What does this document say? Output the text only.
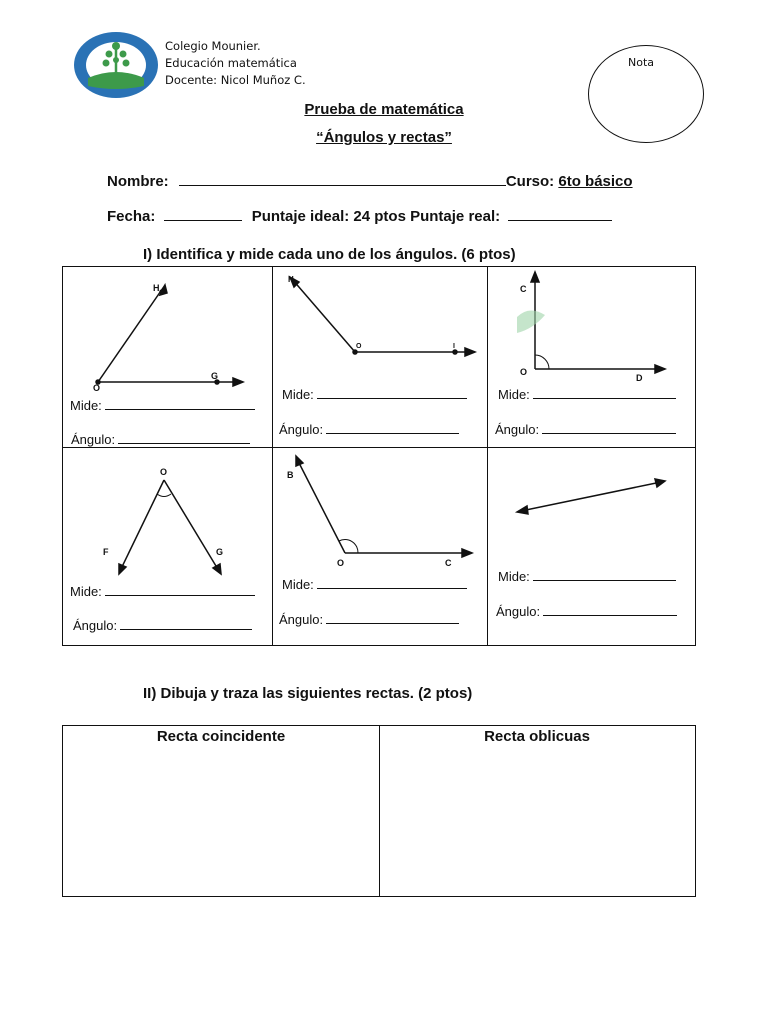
Colegio Mounier.
Educación matemática
Docente: Nicol Muñoz C.
Nota
Prueba de matemática
“Ángulos y rectas”
Nombre:	Curso: 6to básico
Fecha:	Puntaje ideal: 24 ptos Puntaje real:
I) Identifica y mide cada uno de los ángulos. (6 ptos)
O
H
G
Mide:
Ángulo:
H
O	I
Mide:
Ángulo:
C
O
D
Mide:
Ángulo:
O
F	G
Mide:
Ángulo:
B
O	C
Mide:
Ángulo:
Mide:
Ángulo:
II) Dibuja y traza las siguientes rectas. (2 ptos)
Recta coincidente	Recta oblicuas
